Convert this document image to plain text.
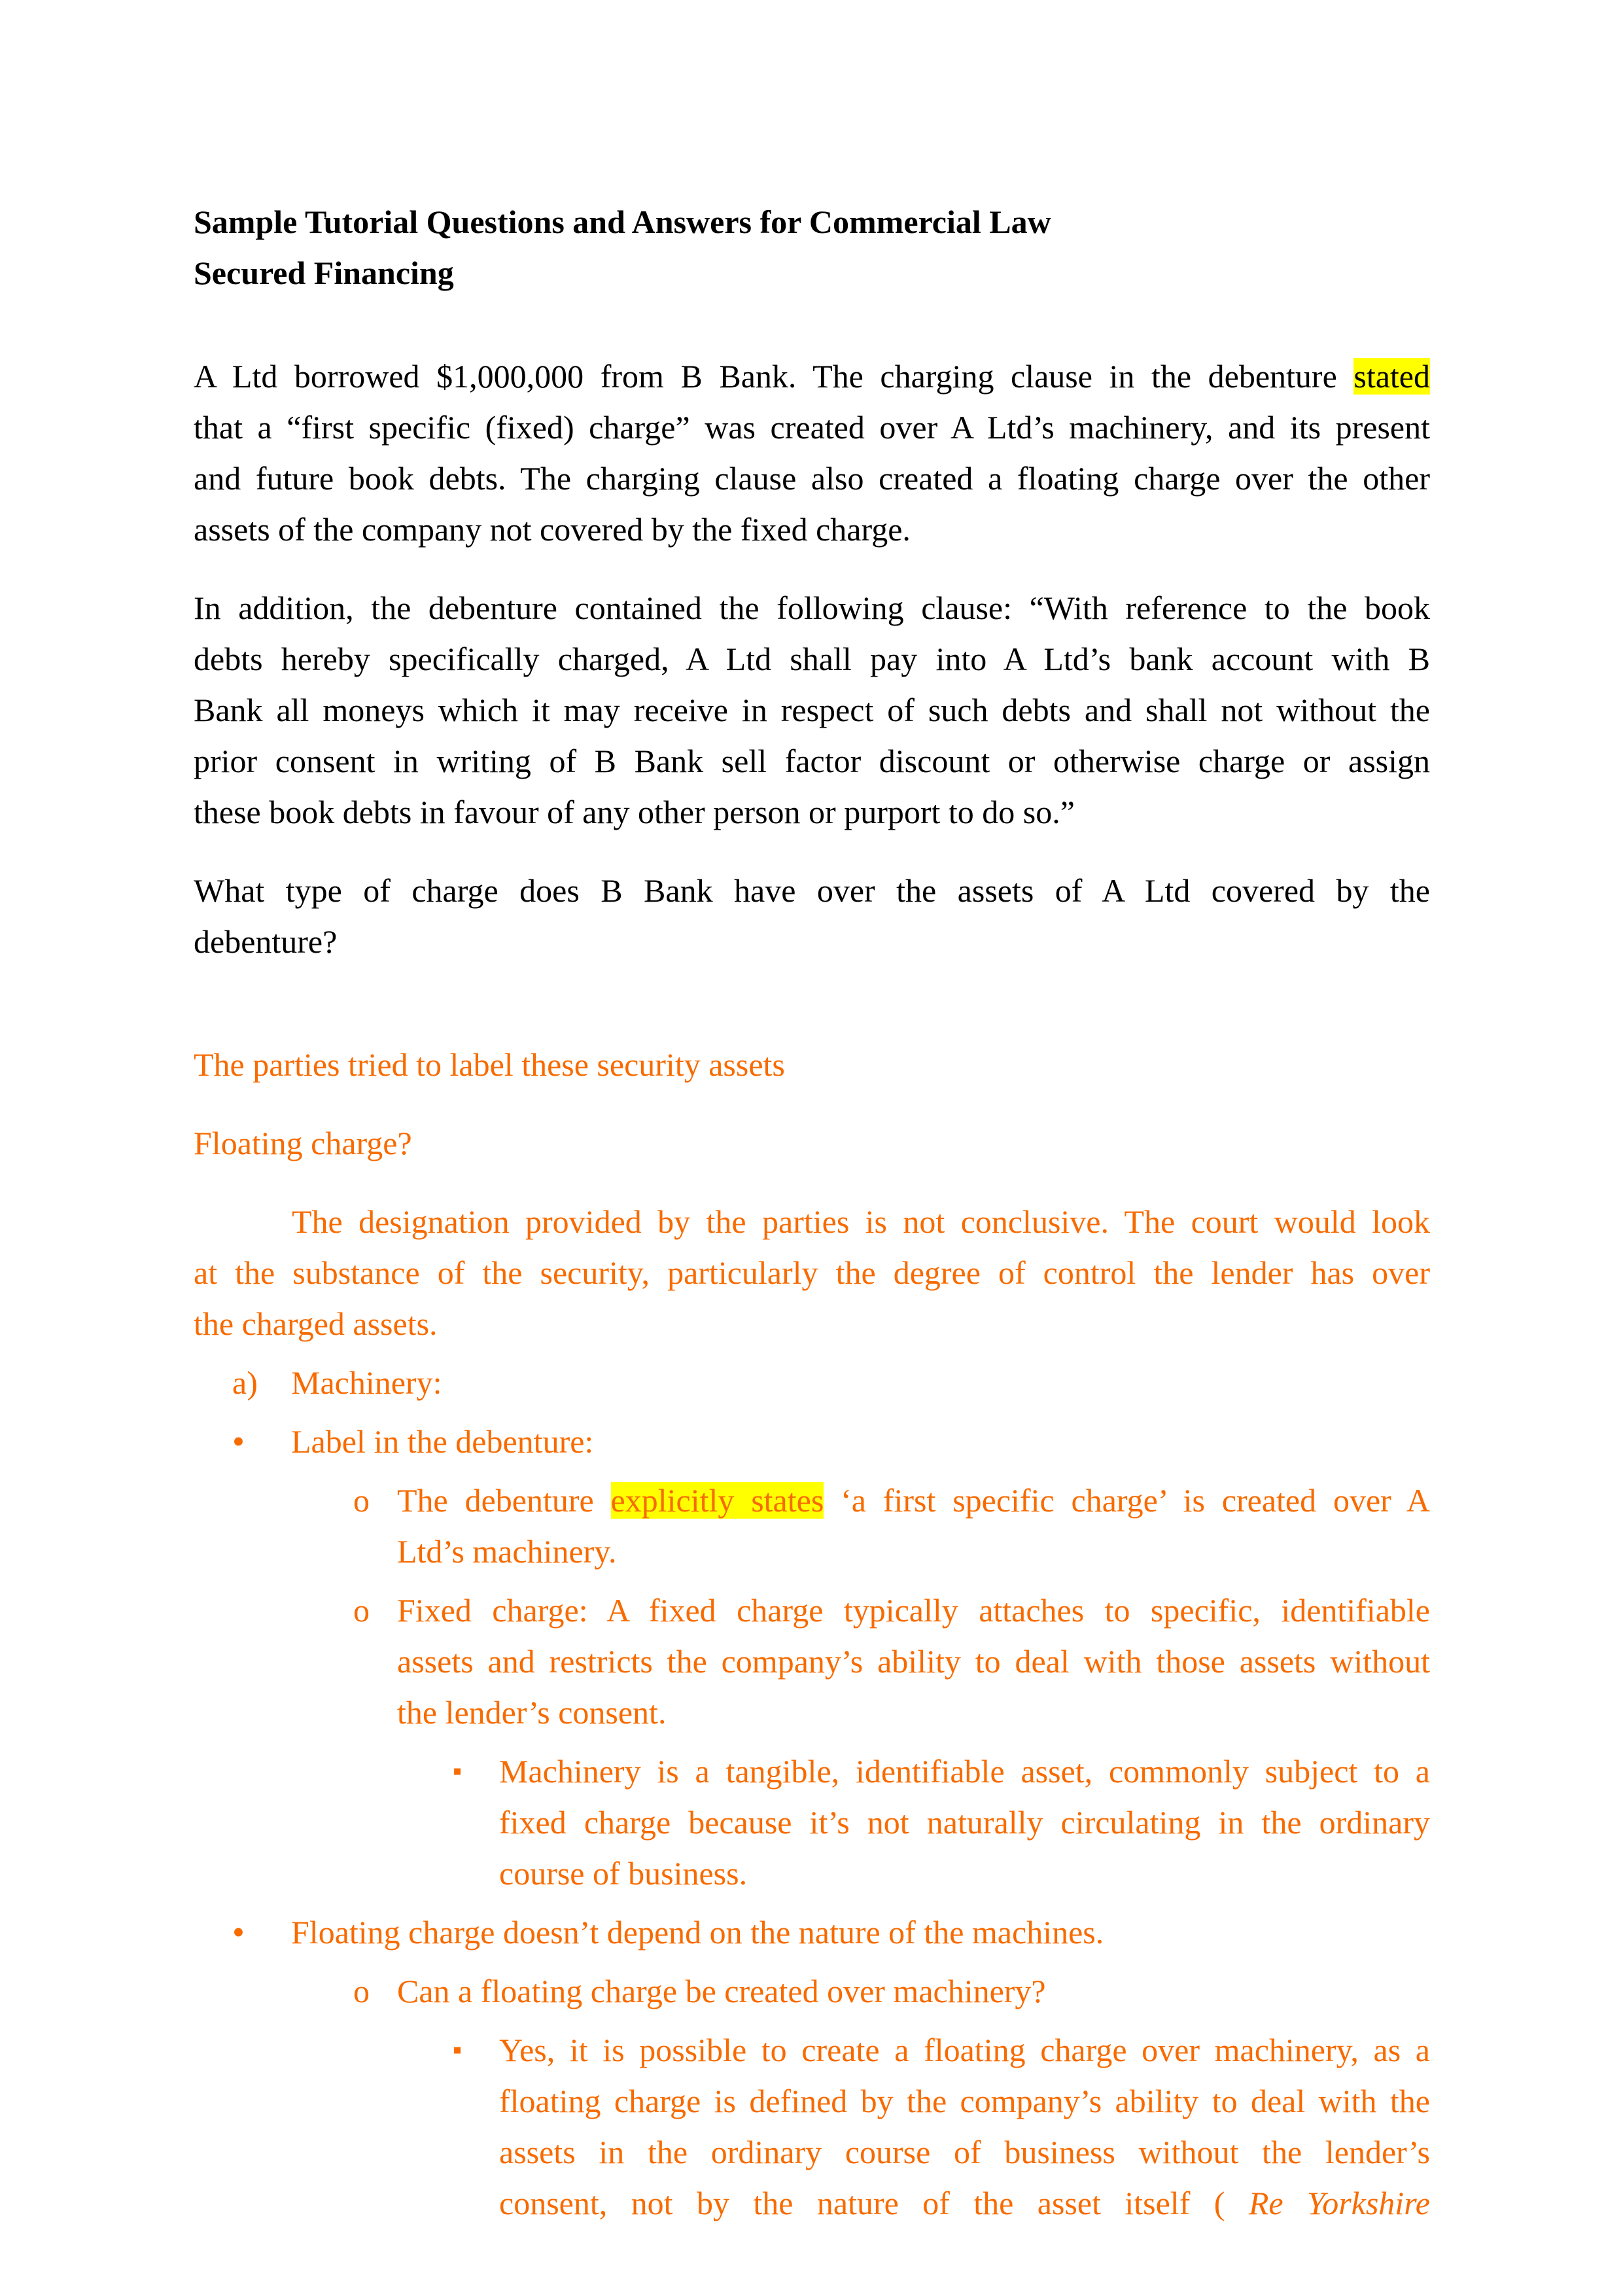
Sample Tutorial Questions and Answers for Commercial Law
Secured Financing
A Ltd borrowed $1,000,000 from B Bank. The charging clause in the debenture stated
that a “first specific (fixed) charge” was created over A Ltd’s machinery, and its present
and future book debts. The charging clause also created a floating charge over the other
assets of the company not covered by the fixed charge.
In addition, the debenture contained the following clause: “With reference to the book
debts hereby specifically charged, A Ltd shall pay into A Ltd’s bank account with B
Bank all moneys which it may receive in respect of such debts and shall not without the
prior consent in writing of B Bank sell factor discount or otherwise charge or assign
these book debts in favour of any other person or purport to do so.”
What type of charge does B Bank have over the assets of A Ltd covered by the
debenture?
The parties tried to label these security assets
Floating charge?
The designation provided by the parties is not conclusive. The court would look
at the substance of the security, particularly the degree of control the lender has over
the charged assets.
a) Machinery:
• Label in the debenture:
o The debenture explicitly states ‘a first specific charge’ is created over A
Ltd’s machinery.
o Fixed charge: A fixed charge typically attaches to specific, identifiable
assets and restricts the company’s ability to deal with those assets without
the lender’s consent.
▪ Machinery is a tangible, identifiable asset, commonly subject to a
fixed charge because it’s not naturally circulating in the ordinary
course of business.
• Floating charge doesn’t depend on the nature of the machines.
o Can a floating charge be created over machinery?
▪ Yes, it is possible to create a floating charge over machinery, as a
floating charge is defined by the company’s ability to deal with the
assets in the ordinary course of business without the lender’s
consent, not by the nature of the asset itself ( Re Yorkshire
